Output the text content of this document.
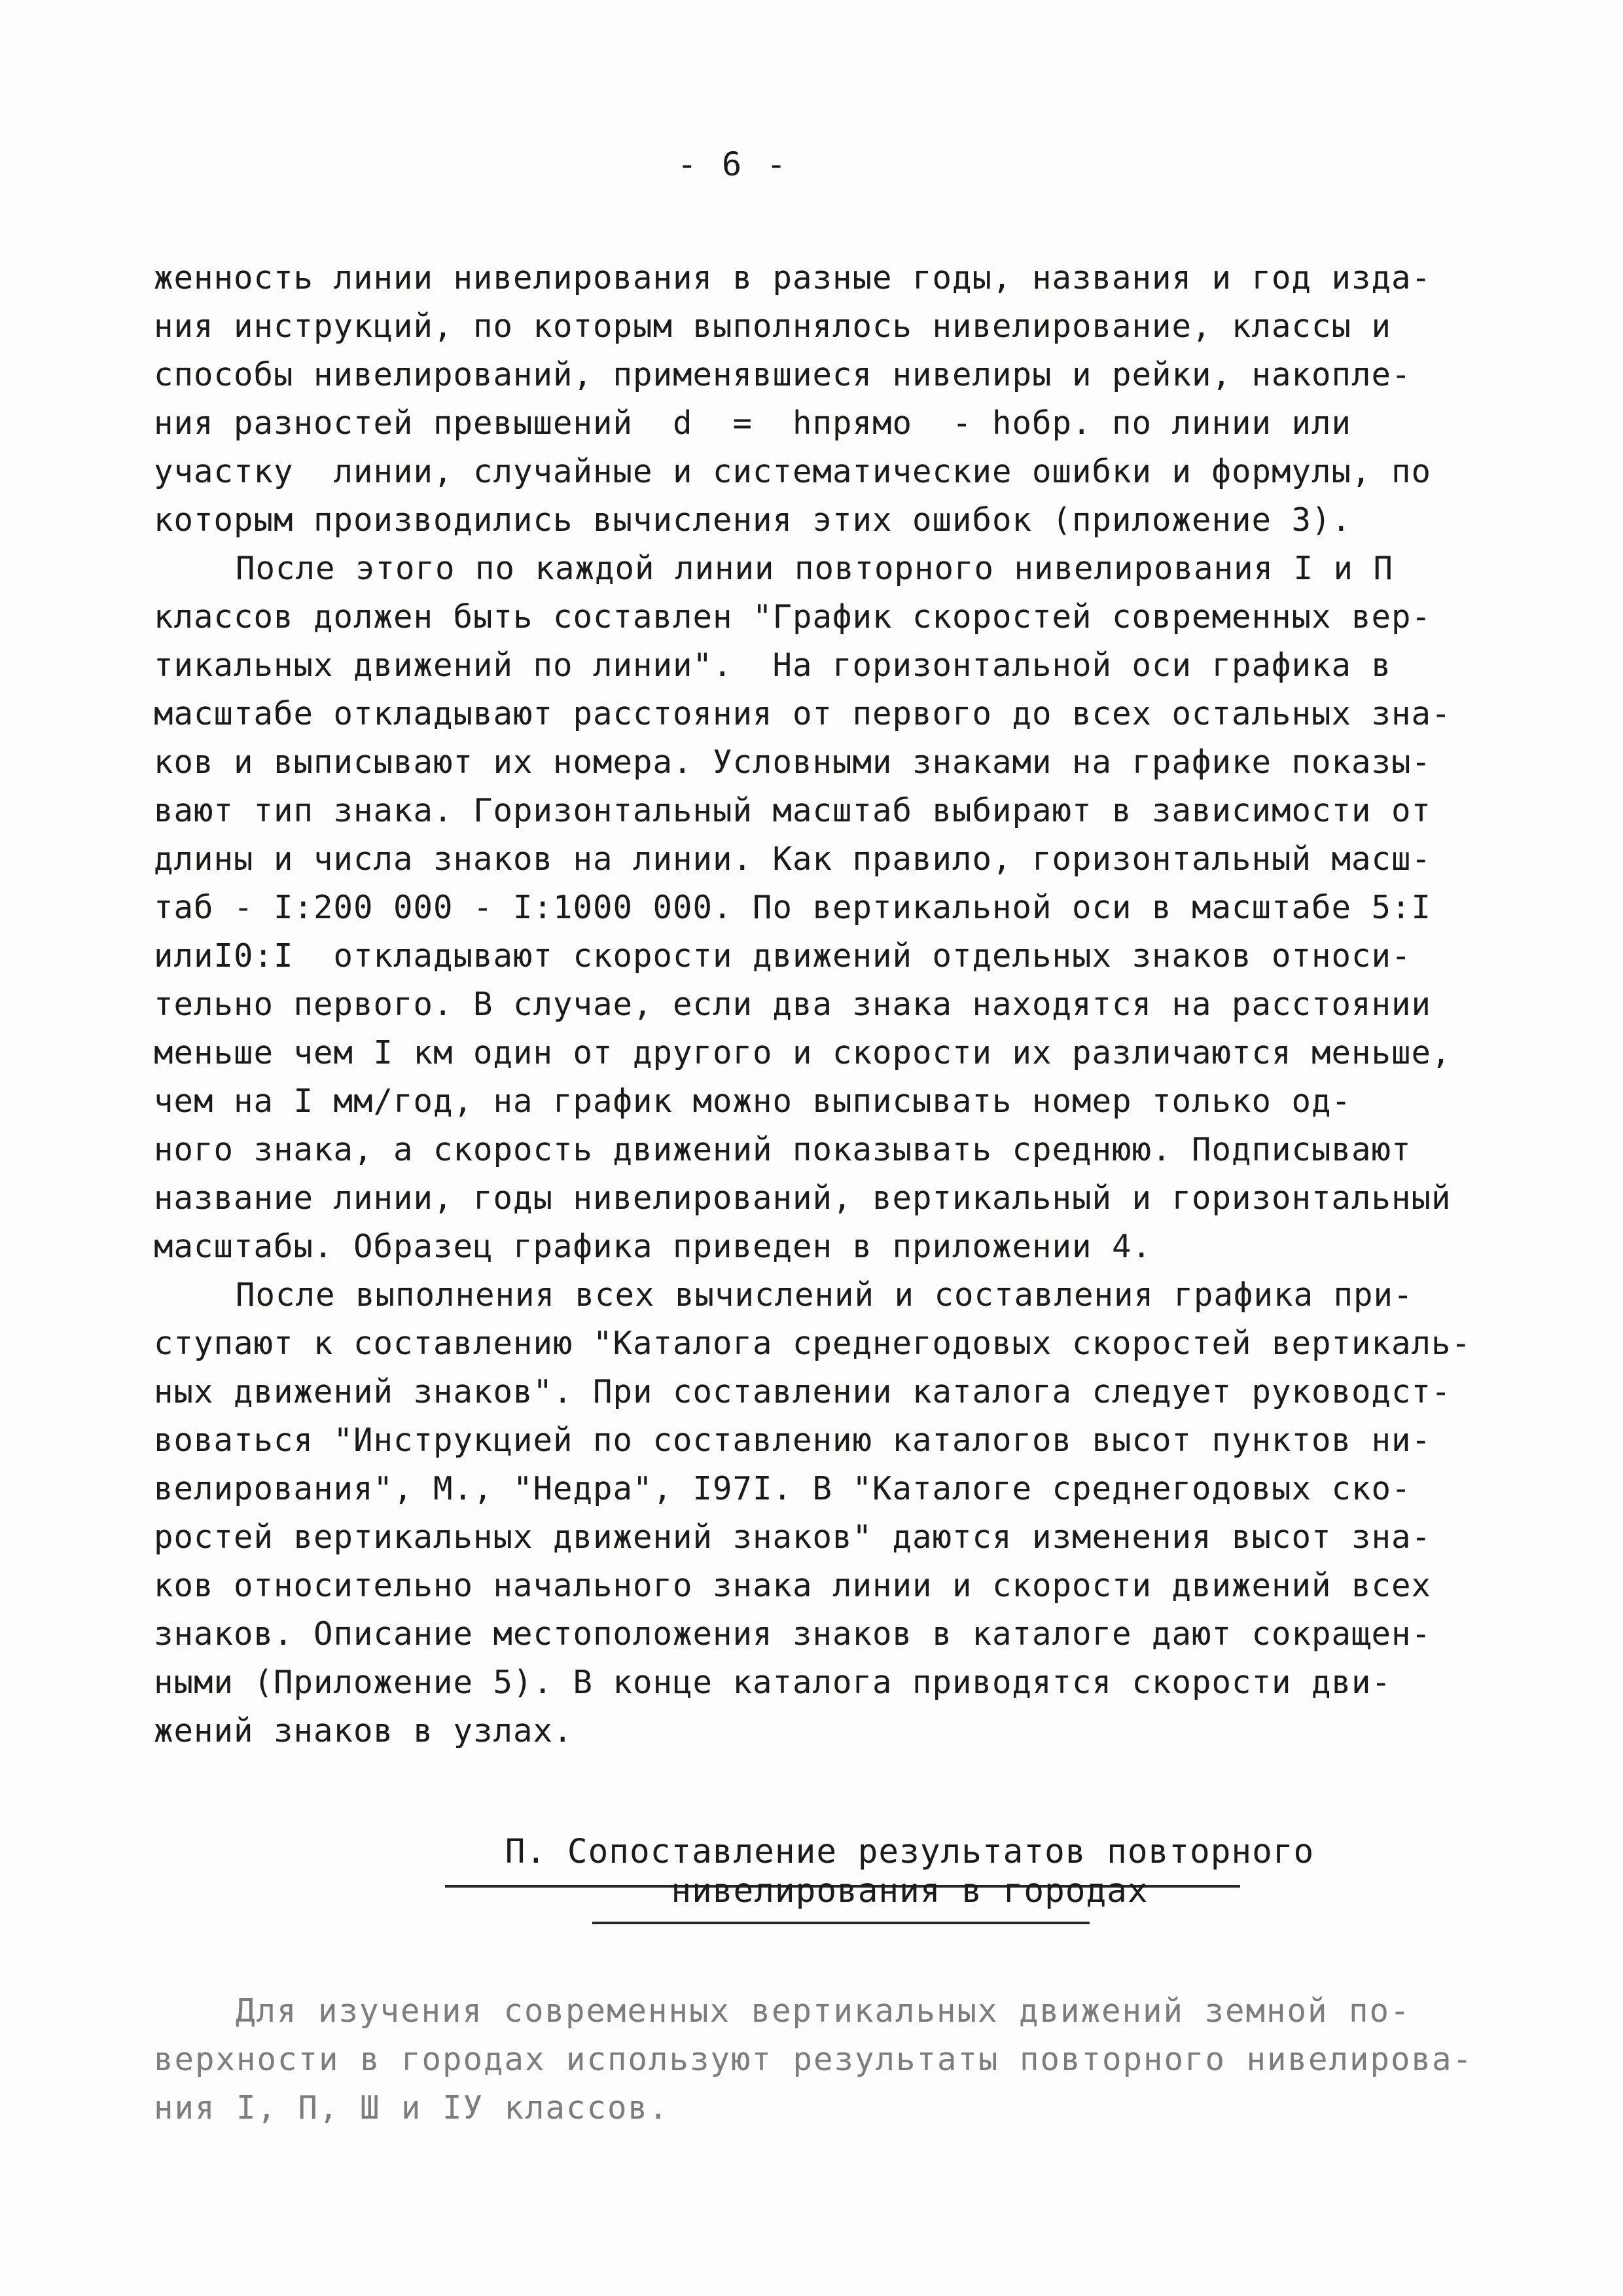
- 6 -
женность линии нивелирования в разные годы, названия и год изда-
ния инструкций, по которым выполнялось нивелирование, классы и
способы нивелирований, применявшиеся нивелиры и рейки, накопле-
ния разностей превышений  d  =  hпрямо  - hобр. по линии или
участку  линии, случайные и систематические ошибки и формулы, по
которым производились вычисления этих ошибок (приложение 3).
После этого по каждой линии повторного нивелирования I и П
классов должен быть составлен "График скоростей современных вер-
тикальных движений по линии".  На горизонтальной оси графика в
масштабе откладывают расстояния от первого до всех остальных зна-
ков и выписывают их номера. Условными знаками на графике показы-
вают тип знака. Горизонтальный масштаб выбирают в зависимости от
длины и числа знаков на линии. Как правило, горизонтальный масш-
таб - I:200 000 - I:1000 000. По вертикальной оси в масштабе 5:I
илиI0:I  откладывают скорости движений отдельных знаков относи-
тельно первого. В случае, если два знака находятся на расстоянии
меньше чем I км один от другого и скорости их различаются меньше,
чем на I мм/год, на график можно выписывать номер только од-
ного знака, а скорость движений показывать среднюю. Подписывают
название линии, годы нивелирований, вертикальный и горизонтальный
масштабы. Образец графика приведен в приложении 4.
После выполнения всех вычислений и составления графика при-
ступают к составлению "Каталога среднегодовых скоростей вертикаль-
ных движений знаков". При составлении каталога следует руководст-
воваться "Инструкцией по составлению каталогов высот пунктов ни-
велирования", М., "Недра", I97I. В "Каталоге среднегодовых ско-
ростей вертикальных движений знаков" даются изменения высот зна-
ков относительно начального знака линии и скорости движений всех
знаков. Описание местоположения знаков в каталоге дают сокращен-
ными (Приложение 5). В конце каталога приводятся скорости дви-
жений знаков в узлах.
П. Сопоставление результатов повторного
нивелирования в городах
Для изучения современных вертикальных движений земной по-
верхности в городах используют результаты повторного нивелирова-
ния I, П, Ш и IУ классов.
